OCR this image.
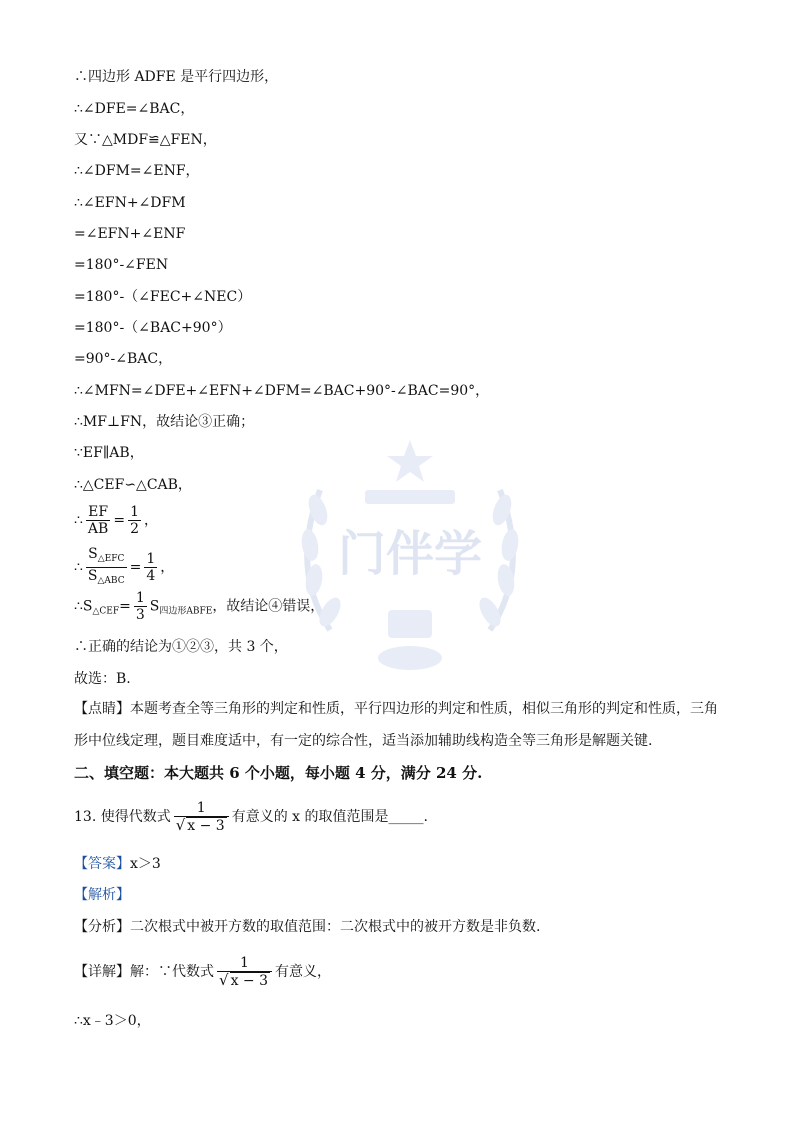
门伴学
∴四边形 ADFE 是平行四边形，
∴∠DFE=∠BAC，
又∵△MDF≌△FEN，
∴∠DFM=∠ENF，
∴∠EFN+∠DFM
=∠EFN+∠ENF
=180°-∠FEN
=180°-（∠FEC+∠NEC）
=180°-（∠BAC+90°）
=90°-∠BAC，
∴∠MFN=∠DFE+∠EFN+∠DFM=∠BAC+90°-∠BAC=90°，
∴MF⊥FN，故结论③正确；
∵EF∥AB，
∴△CEF∽△CAB，
∴ $\frac{EF}{AB} = \frac{1}{2}$ ，
∴ $\frac{S_{\triangle EFC}}{S_{\triangle ABC}} = \frac{1}{4}$ ，
$\therefore S_{\triangle CEF}= \frac{1}{3} S_{四边形ABFE}$，故结论④错误，
∴正确的结论为①②③，共 3 个，
故选：B.
【点睛】本题考查全等三角形的判定和性质，平行四边形的判定和性质，相似三角形的判定和性质，三角
形中位线定理，题目难度适中，有一定的综合性，适当添加辅助线构造全等三角形是解题关键.
二、填空题：本大题共 6 个小题，每小题 4 分，满分 24 分.
13. 使得代数式 $\frac{1}{√ x - 3}$ 有意义的 x 的取值范围是_____.
【答案】x＞3
【解析】
【分析】二次根式中被开方数的取值范围：二次根式中的被开方数是非负数.
【详解】解：∵代数式 $\frac{1}{√ x - 3}$ 有意义，
∴x﹣3＞0，
